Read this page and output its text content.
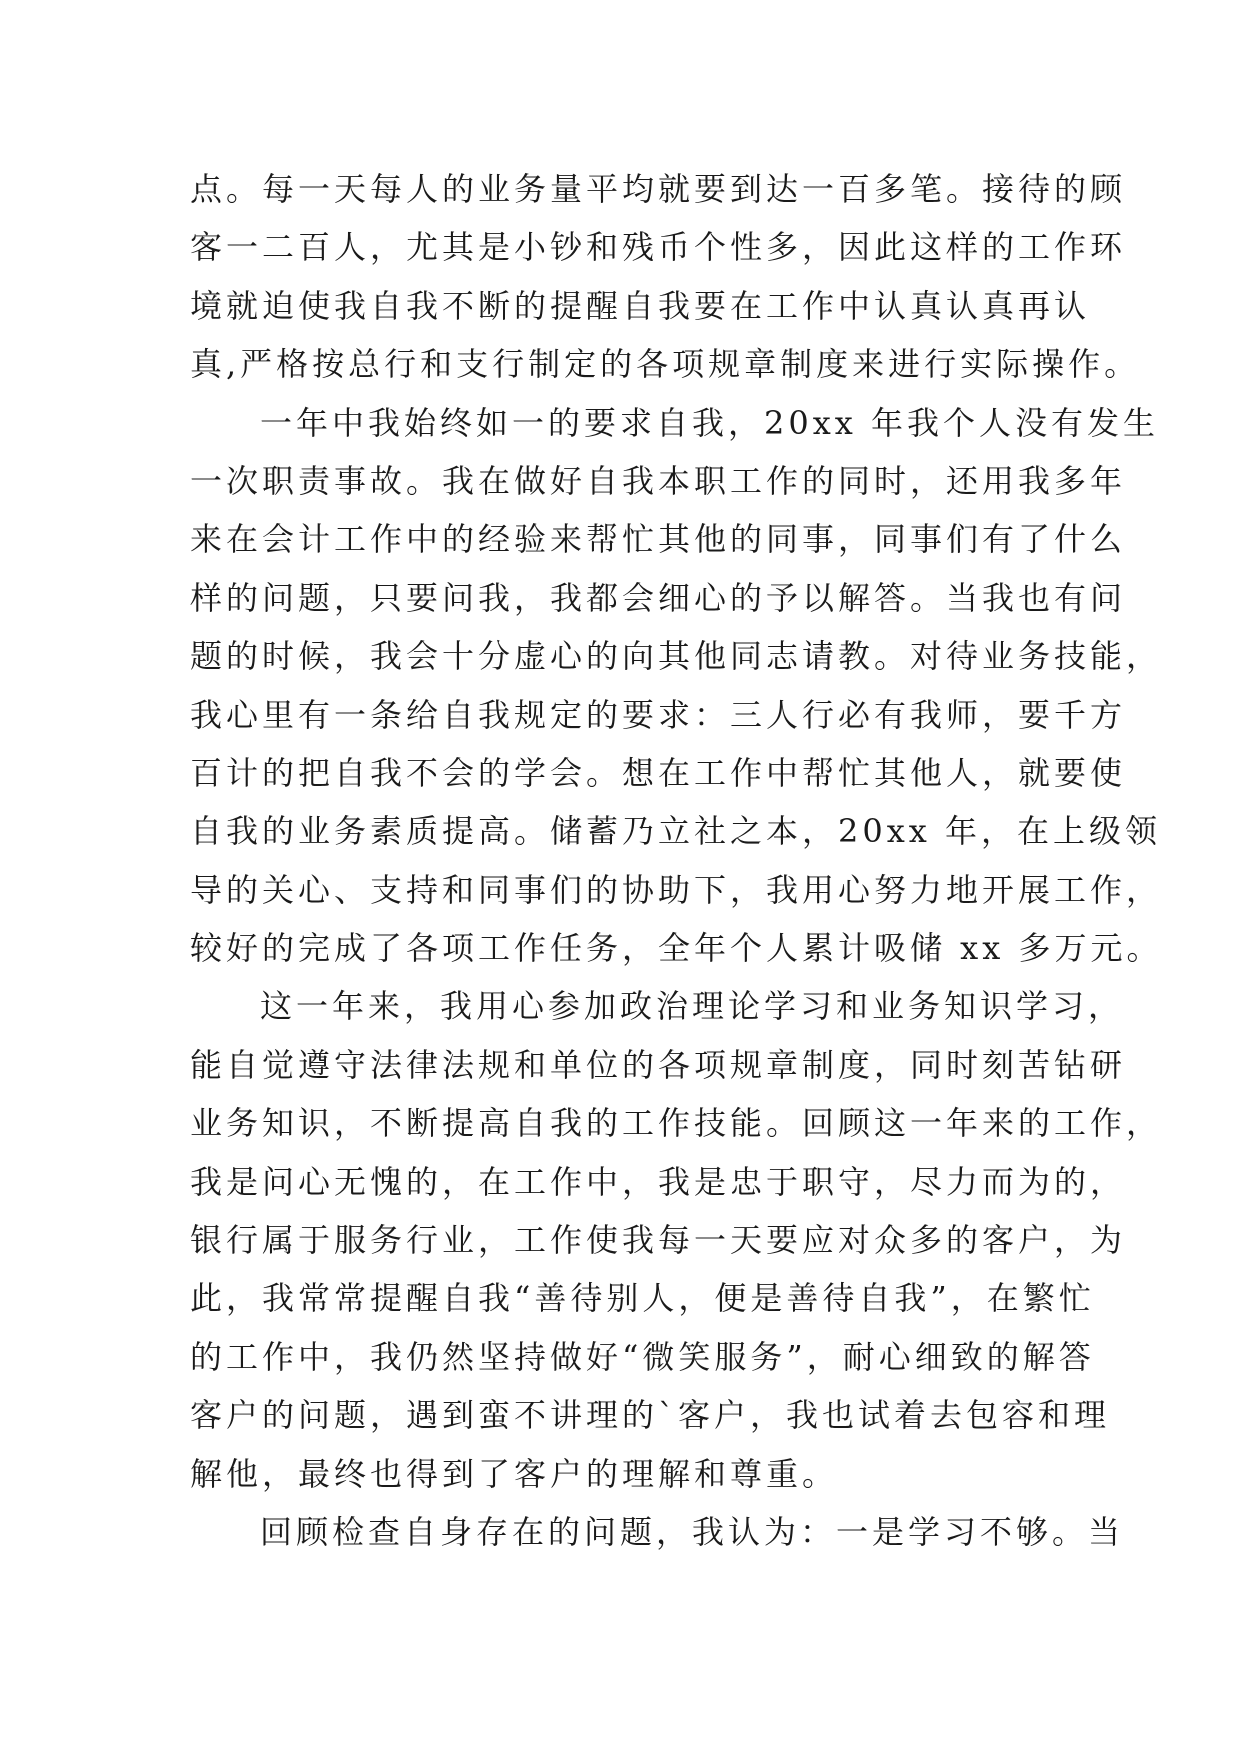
点。每一天每人的业务量平均就要到达一百多笔。接待的顾
客一二百人，尤其是小钞和残币个性多，因此这样的工作环
境就迫使我自我不断的提醒自我要在工作中认真认真再认
真,严格按总行和支行制定的各项规章制度来进行实际操作。
一年中我始终如一的要求自我，20xx 年我个人没有发生
一次职责事故。我在做好自我本职工作的同时，还用我多年
来在会计工作中的经验来帮忙其他的同事，同事们有了什么
样的问题，只要问我，我都会细心的予以解答。当我也有问
题的时候，我会十分虚心的向其他同志请教。对待业务技能，
我心里有一条给自我规定的要求：三人行必有我师，要千方
百计的把自我不会的学会。想在工作中帮忙其他人，就要使
自我的业务素质提高。储蓄乃立社之本，20xx 年，在上级领
导的关心、支持和同事们的协助下，我用心努力地开展工作，
较好的完成了各项工作任务，全年个人累计吸储 xx 多万元。
这一年来，我用心参加政治理论学习和业务知识学习，
能自觉遵守法律法规和单位的各项规章制度，同时刻苦钻研
业务知识，不断提高自我的工作技能。回顾这一年来的工作，
我是问心无愧的，在工作中，我是忠于职守，尽力而为的，
银行属于服务行业，工作使我每一天要应对众多的客户，为
此，我常常提醒自我“善待别人，便是善待自我”，在繁忙
的工作中，我仍然坚持做好“微笑服务”，耐心细致的解答
客户的问题，遇到蛮不讲理的`客户，我也试着去包容和理
解他，最终也得到了客户的理解和尊重。
回顾检查自身存在的问题，我认为：一是学习不够。当
